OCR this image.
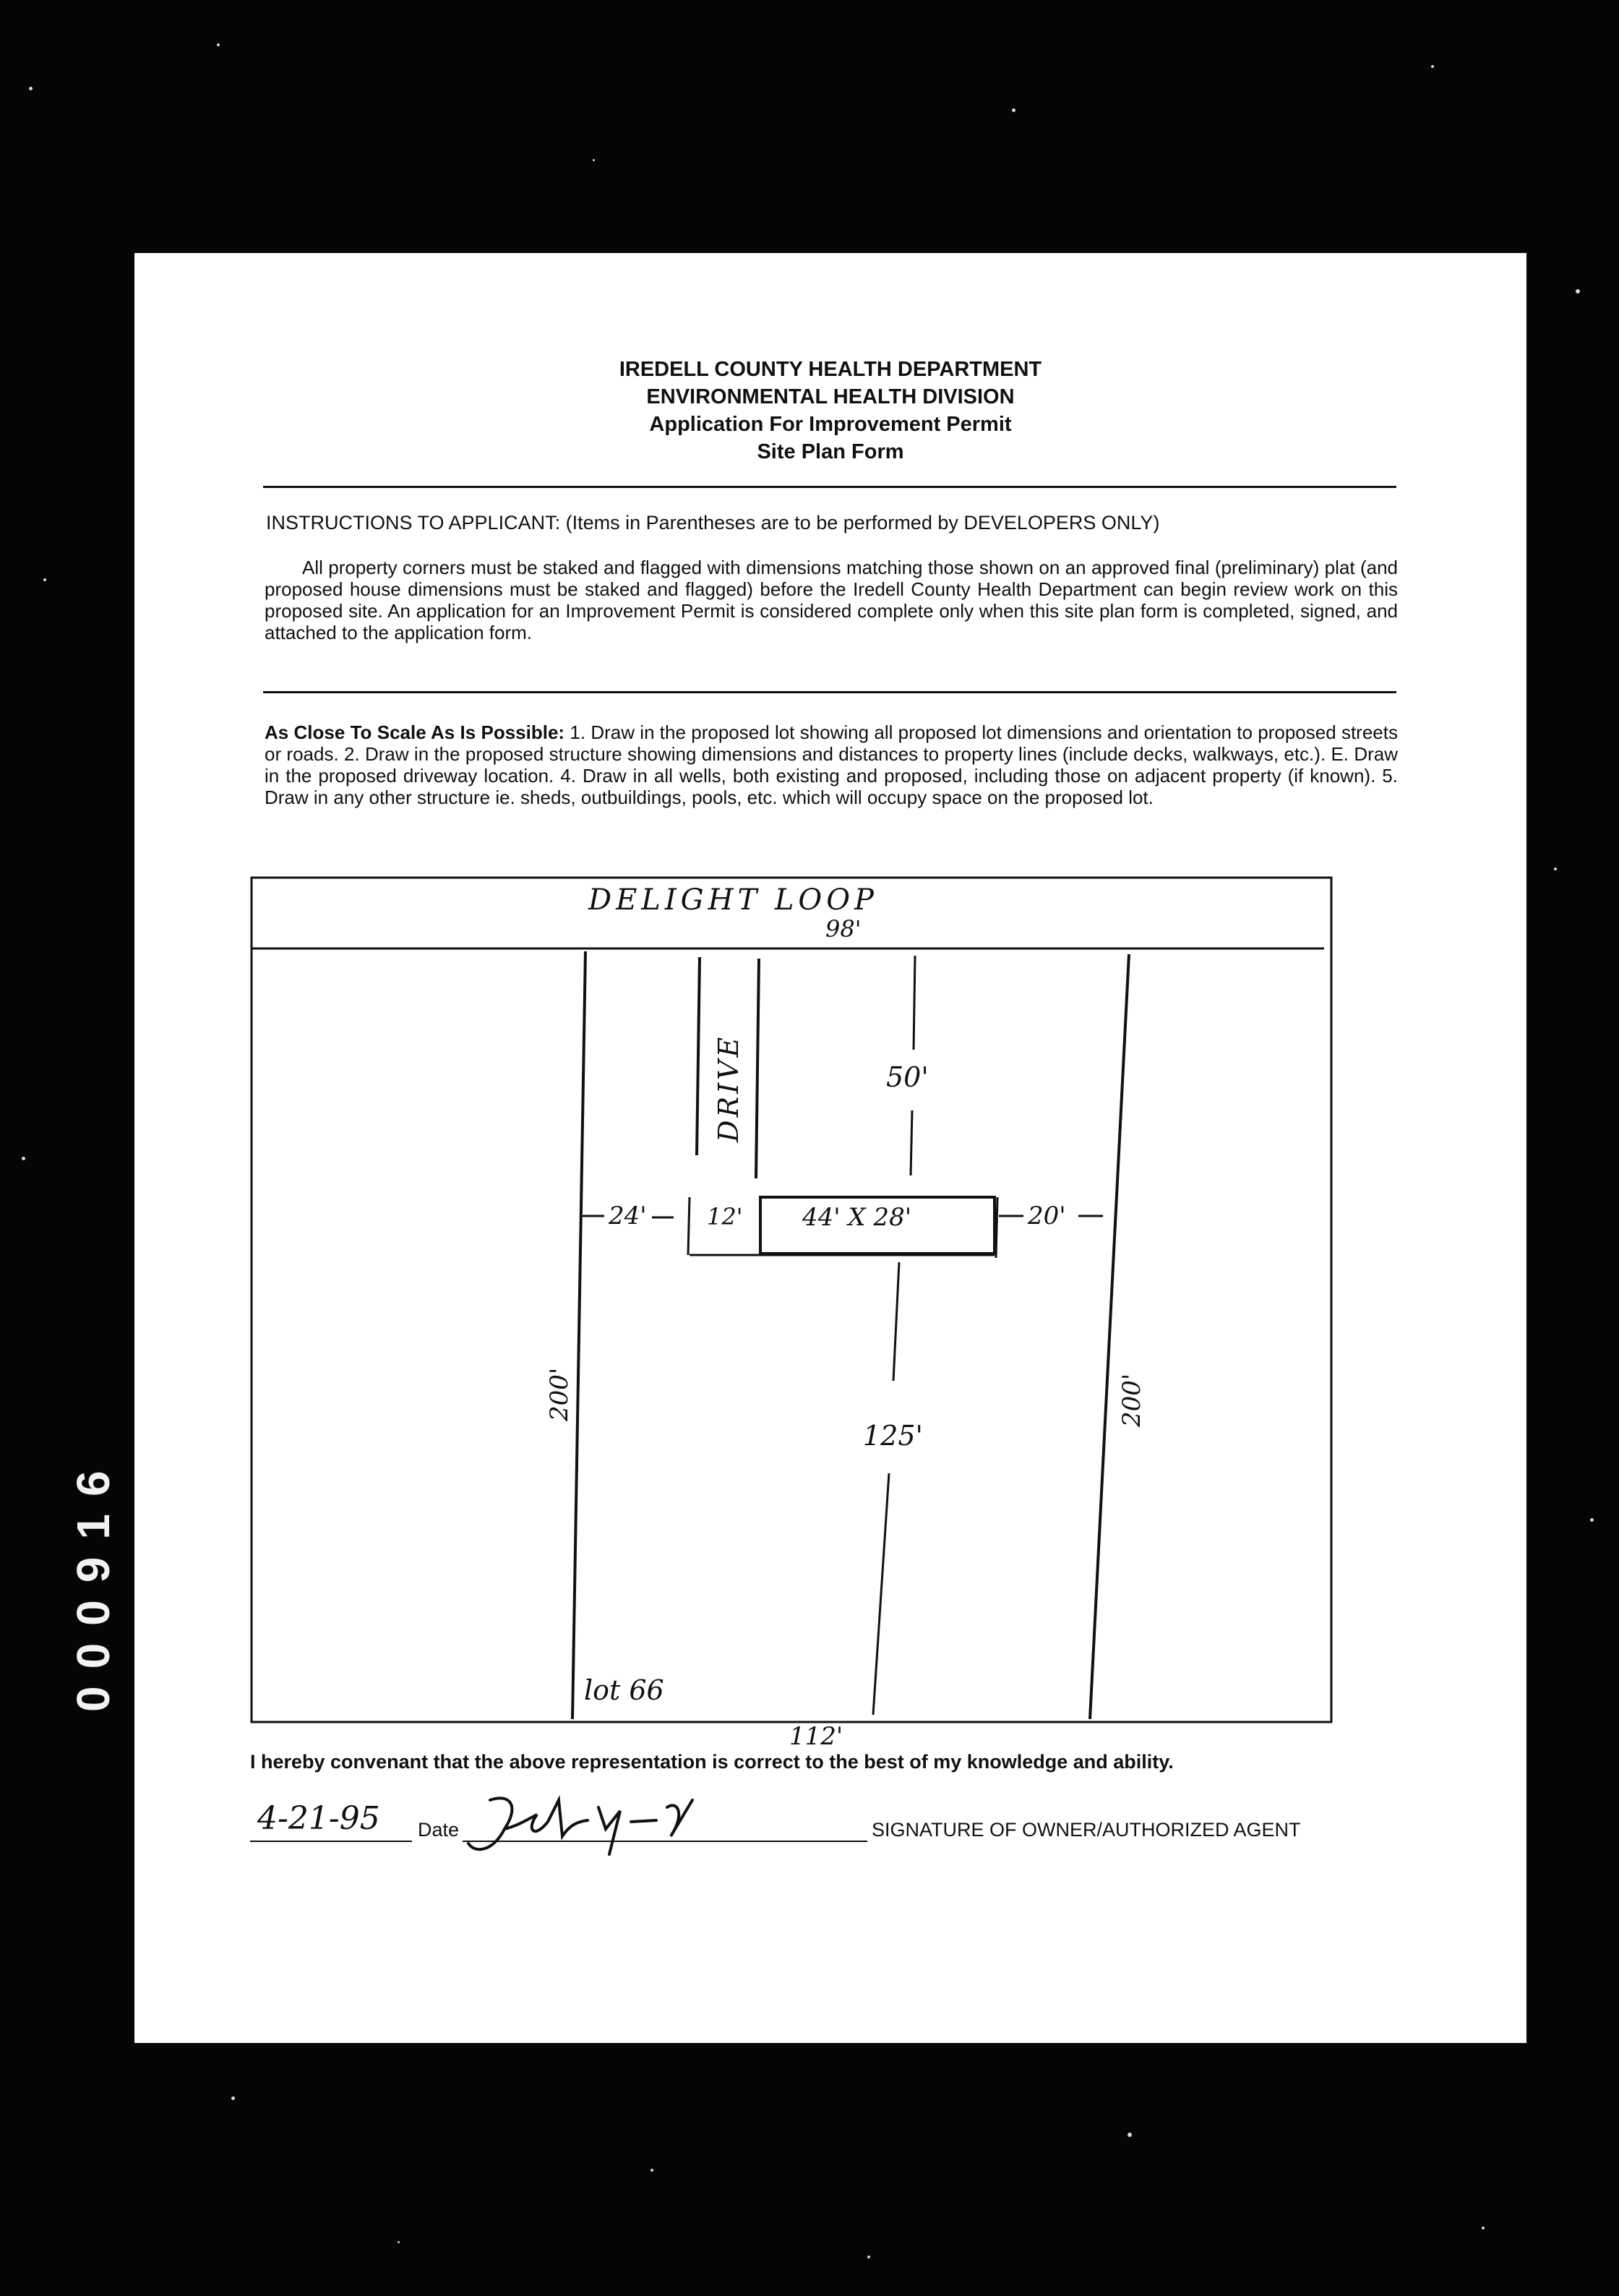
000916
IREDELL COUNTY HEALTH DEPARTMENT
ENVIRONMENTAL HEALTH DIVISION
Application For Improvement Permit
Site Plan Form
INSTRUCTIONS TO APPLICANT: (Items in Parentheses are to be performed by DEVELOPERS ONLY)
All property corners must be staked and flagged with dimensions matching those shown on an approved final (preliminary) plat (and proposed house dimensions must be staked and flagged) before the Iredell County Health Department can begin review work on this proposed site. An application for an Improvement Permit is considered complete only when this site plan form is completed, signed, and attached to the application form.
As Close To Scale As Is Possible: 1. Draw in the proposed lot showing all proposed lot dimensions and orientation to proposed streets or roads. 2. Draw in the proposed structure showing dimensions and distances to property lines (include decks, walkways, etc.). E. Draw in the proposed driveway location. 4. Draw in all wells, both existing and proposed, including those on adjacent property (if known). 5. Draw in any other structure ie. sheds, outbuildings, pools, etc. which will occupy space on the proposed lot.
DELIGHT LOOP
98'
DRIVE	50'
24'	12' 44' X 28'	20'
200'	200'
125'
lot 66
112'
I hereby convenant that the above representation is correct to the best of my knowledge and ability.
4-21-95 Date	SIGNATURE OF OWNER/AUTHORIZED AGENT
